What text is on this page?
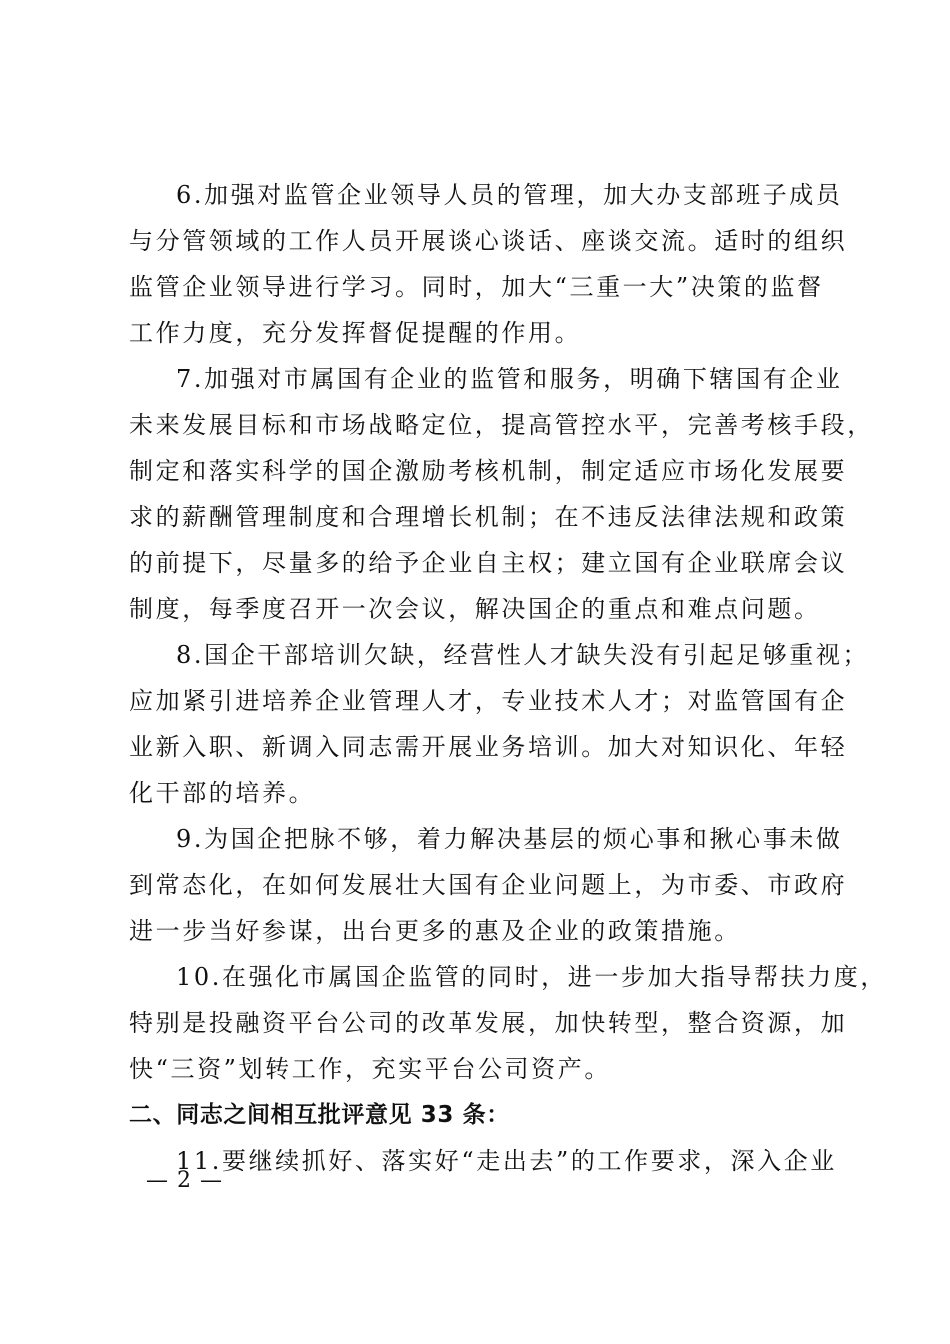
6.加强对监管企业领导人员的管理，加大办支部班子成员
与分管领域的工作人员开展谈心谈话、座谈交流。适时的组织
监管企业领导进行学习。同时，加大“三重一大”决策的监督
工作力度，充分发挥督促提醒的作用。
7.加强对市属国有企业的监管和服务，明确下辖国有企业
未来发展目标和市场战略定位，提高管控水平，完善考核手段，
制定和落实科学的国企激励考核机制，制定适应市场化发展要
求的薪酬管理制度和合理增长机制；在不违反法律法规和政策
的前提下，尽量多的给予企业自主权；建立国有企业联席会议
制度，每季度召开一次会议，解决国企的重点和难点问题。
8.国企干部培训欠缺，经营性人才缺失没有引起足够重视；
应加紧引进培养企业管理人才，专业技术人才；对监管国有企
业新入职、新调入同志需开展业务培训。加大对知识化、年轻
化干部的培养。
9.为国企把脉不够，着力解决基层的烦心事和揪心事未做
到常态化，在如何发展壮大国有企业问题上，为市委、市政府
进一步当好参谋，出台更多的惠及企业的政策措施。
10.在强化市属国企监管的同时，进一步加大指导帮扶力度，
特别是投融资平台公司的改革发展，加快转型，整合资源，加
快“三资”划转工作，充实平台公司资产。
二、同志之间相互批评意见 33 条：
11.要继续抓好、落实好“走出去”的工作要求，深入企业
— 2 —
